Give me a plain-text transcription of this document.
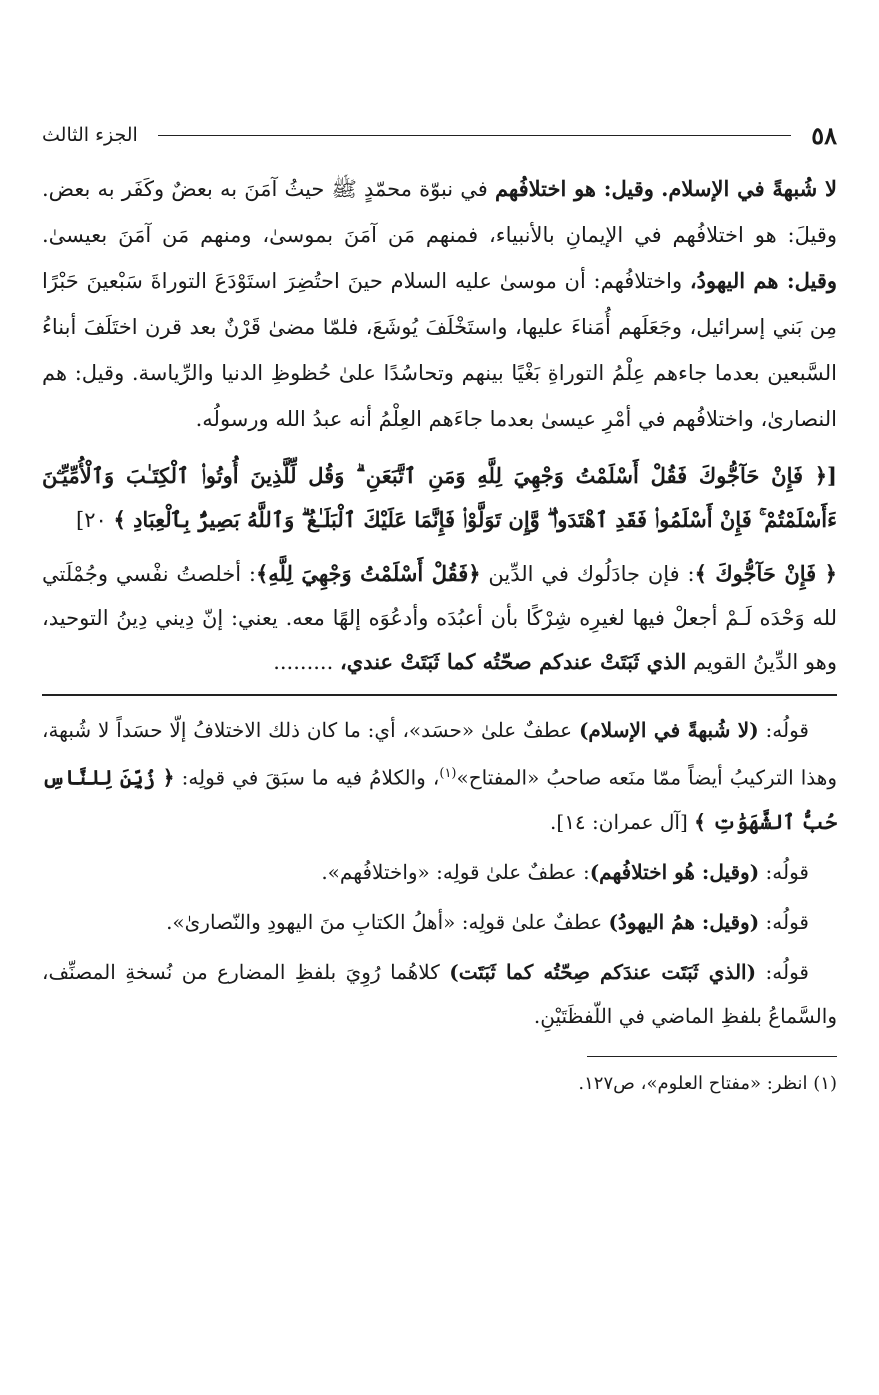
٥٨
الجزء الثالث

لا شُبهةً في الإسلام. وقيل: هو اختلافُهم في نبوّة محمّدٍ ﷺ حيثُ آمَنَ به بعضٌ وكَفَر به بعض. وقيلَ: هو اختلافُهم في الإيمانِ بالأنبياء، فمنهم مَن آمَنَ بموسىٰ، ومنهم مَن آمَنَ بعيسىٰ. وقيل: هم اليهودُ، واختلافُهم: أن موسىٰ عليه السلام حينَ احتُضِرَ استَوْدَعَ التوراةَ سَبْعينَ حَبْرًا مِن بَني إسرائيل، وجَعَلَهم أُمَناءَ عليها، واستَخْلَفَ يُوشَعَ، فلمّا مضىٰ قَرْنٌ بعد قرن اختَلَفَ أبناءُ السَّبعين بعدما جاءهم عِلْمُ التوراةِ بَغْيًا بينهم وتحاسُدًا علىٰ حُظوظِ الدنيا والرِّياسة. وقيل: هم النصارىٰ، واختلافُهم في أمْرِ عيسىٰ بعدما جاءَهم العِلْمُ أنه عبدُ الله ورسولُه.

[﴿ فَإِنْ حَآجُّوكَ فَقُلْ أَسْلَمْتُ وَجْهِيَ لِلَّهِ وَمَنِ ٱتَّبَعَنِ ۗ وَقُل لِّلَّذِينَ أُوتُوا۟ ٱلْكِتَـٰبَ وَٱلْأُمِّيِّـۧنَ ءَأَسْلَمْتُمْ ۚ فَإِنْ أَسْلَمُوا۟ فَقَدِ ٱهْتَدَوا۟ ۖ وَّإِن تَوَلَّوْا۟ فَإِنَّمَا عَلَيْكَ ٱلْبَلَـٰغُ ۗ وَٱللَّهُ بَصِيرٌۢ بِٱلْعِبَادِ ﴾ ٢٠]
﴿ فَإِنْ حَآجُّوكَ ﴾: فإن جادَلُوك في الدِّين ﴿فَقُلْ أَسْلَمْتُ وَجْهِيَ لِلَّهِ﴾: أخلصتُ نفْسي وجُمْلَتي لله وَحْدَه لَـمْ أجعلْ فيها لغيرِه شِرْكًا بأن أعبُدَه وأدعُوَه إلهًا معه. يعني: إنّ دِيني دِينُ التوحيد، وهو الدِّينُ القويم الذي ثَبَتَتْ عندكم صحّتُه كما ثَبَتَتْ عندي، .........

قولُه: (لا شُبهةً في الإسلام) عطفٌ علىٰ «حسَد»، أي: ما كان ذلك الاختلافُ إلّا حسَداً لا شُبهة، وهذا التركيبُ أيضاً ممّا منَعه صاحبُ «المفتاح»$^{(١)}$، والكلامُ فيه ما سبَقَ في قولِه: ﴿ زُيِّنَ لِلنَّاسِ حُبُّ ٱلشَّهَوَٰتِ ﴾ [آل عمران: ١٤].

قولُه: (وقيل: هُو اختلافُهم): عطفٌ علىٰ قولِه: «واختلافُهم».

قولُه: (وقيل: همُ اليهودُ) عطفٌ علىٰ قولِه: «أهلُ الكتابِ منَ اليهودِ والنّصارىٰ».

قولُه: (الذي ثَبَتَت عندَكم صِحّتُه كما ثَبَتَت) كلاهُما رُوِيَ بلفظِ المضارع من نُسخةِ المصنِّف، والسَّماعُ بلفظِ الماضي في اللّفظَتَيْنِ.

(١) انظر: «مفتاح العلوم»، ص١٢٧.
